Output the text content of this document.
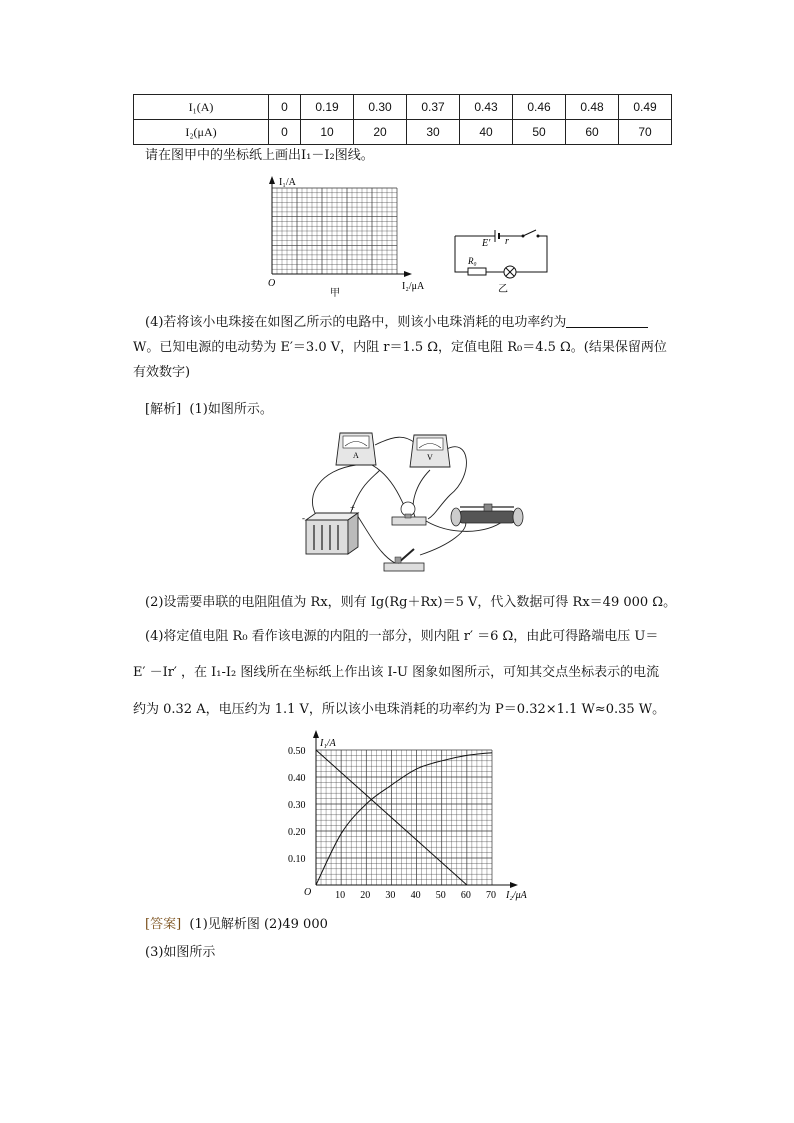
I₁(A)	0	0.19	0.30	0.37	0.43	0.46	0.48	0.49
I₂(μA)	0	10	20	30	40	50	60	70
请在图甲中的坐标纸上画出I₁－I₂图线。
I₁/A
O	I₂/μA
甲
E′ r
R₀
乙
(4)若将该小电珠接在如图乙所示的电路中，则该小电珠消耗的电功率约为
W。已知电源的电动势为 E′＝3.0 V，内阻 r＝1.5 Ω，定值电阻 R₀＝4.5 Ω。(结果保留两位
有效数字)
[解析] (1)如图所示。
A	V
-
+
(2)设需要串联的电阻阻值为 Rx，则有 Ig(Rg＋Rx)＝5 V，代入数据可得 Rx＝49 000 Ω。
(4)将定值电阻 R₀ 看作该电源的内阻的一部分，则内阻 r′ ＝6 Ω，由此可得路端电压 U＝
E′ －Ir′ ，在 I₁-I₂ 图线所在坐标纸上作出该 I-U 图象如图所示，可知其交点坐标表示的电流
约为 0.32 A，电压约为 1.1 V，所以该小电珠消耗的功率约为 P＝0.32×1.1 W≈0.35 W。
10 20 30 40 50 60 70
0.10
0.20
0.30
0.40
0.50
I₁/A
I₂/μA
O
[答案] (1)见解析图 (2)49 000
(3)如图所示
